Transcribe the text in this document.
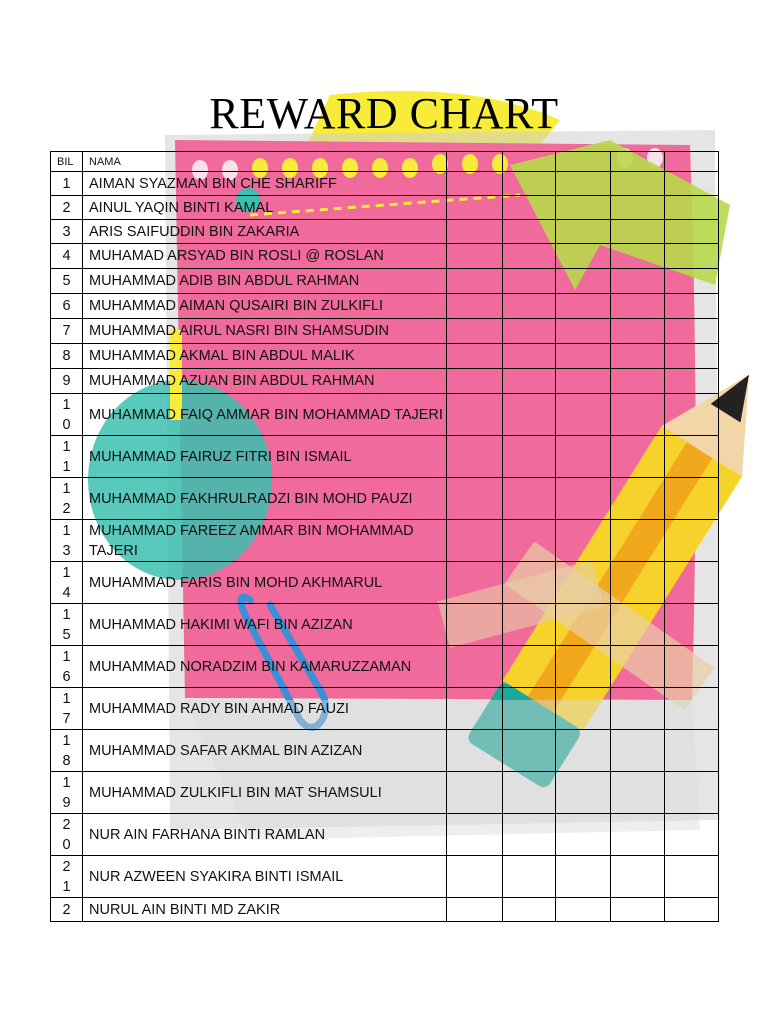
REWARD CHART
BIL	NAMA					
1	AIMAN SYAZMAN BIN CHE SHARIFF					
2	AINUL YAQIN BINTI KAMAL					
3	ARIS SAIFUDDIN BIN ZAKARIA					
4	MUHAMAD ARSYAD BIN ROSLI @ ROSLAN					
5	MUHAMMAD ADIB BIN ABDUL RAHMAN					
6	MUHAMMAD AIMAN QUSAIRI BIN ZULKIFLI					
7	MUHAMMAD AIRUL NASRI BIN SHAMSUDIN					
8	MUHAMMAD AKMAL BIN ABDUL MALIK					
9	MUHAMMAD AZUAN BIN ABDUL RAHMAN					
10	MUHAMMAD FAIQ AMMAR BIN MOHAMMAD TAJERI					
11	MUHAMMAD FAIRUZ FITRI BIN ISMAIL					
12	MUHAMMAD FAKHRULRADZI BIN MOHD PAUZI					
13	MUHAMMAD FAREEZ AMMAR BIN MOHAMMAD TAJERI					
14	MUHAMMAD FARIS BIN MOHD AKHMARUL					
15	MUHAMMAD HAKIMI WAFI BIN AZIZAN					
16	MUHAMMAD NORADZIM BIN KAMARUZZAMAN					
17	MUHAMMAD RADY BIN AHMAD FAUZI					
18	MUHAMMAD SAFAR AKMAL BIN AZIZAN					
19	MUHAMMAD ZULKIFLI BIN MAT SHAMSULI					
20	NUR AIN FARHANA BINTI RAMLAN					
21	NUR AZWEEN SYAKIRA BINTI ISMAIL					
2	NURUL AIN BINTI MD ZAKIR					
